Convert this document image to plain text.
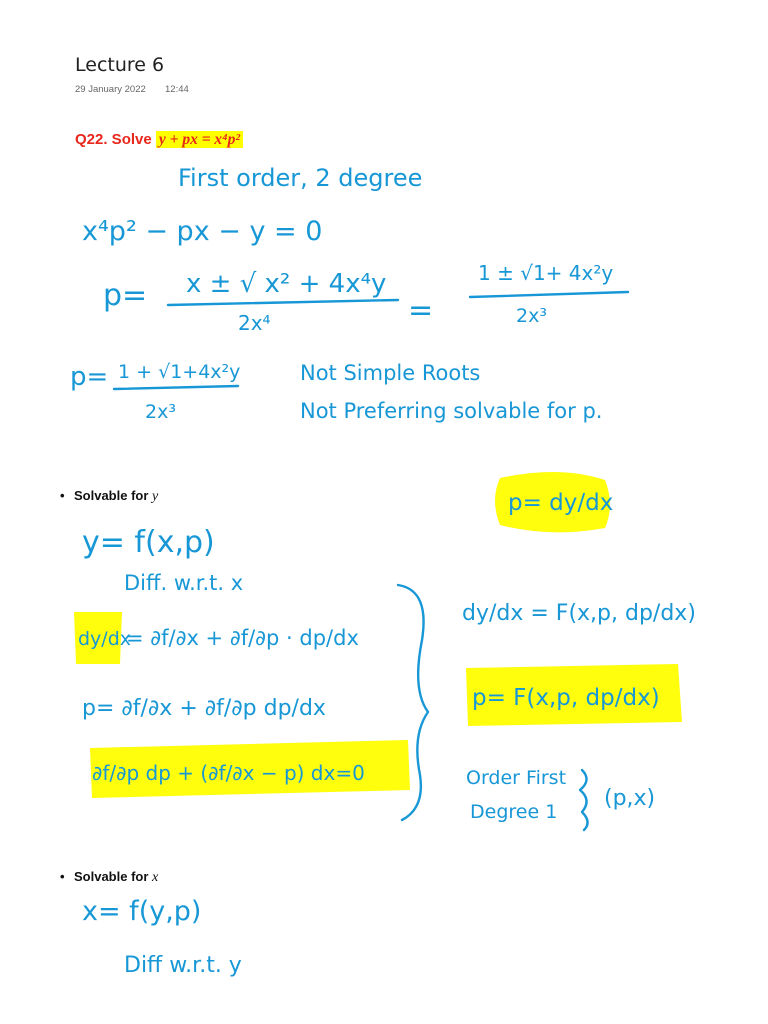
Lecture 6
29 January 2022 12:44
Q22. Solve y + px = x⁴p²
• Solvable for y
• Solvable for x
First order, 2 degree
x⁴p² − px − y = 0
p= x ± √ x² + 4x⁴y
2x⁴	=
1 ± √1+ 4x²y
2x³
p= 1 + √1+4x²y
2x³
Not Simple Roots
Not Preferring solvable for p.
p= dy/dx
y= f(x,p)
Diff. w.r.t. x
dy/dx
= ∂f/∂x + ∂f/∂p · dp/dx
p= ∂f/∂x + ∂f/∂p dp/dx
∂f/∂p dp + (∂f/∂x − p) dx=0
dy/dx = F(x,p, dp/dx)
p= F(x,p, dp/dx)
Order First
Degree 1
(p,x)
x= f(y,p)
Diff w.r.t. y
